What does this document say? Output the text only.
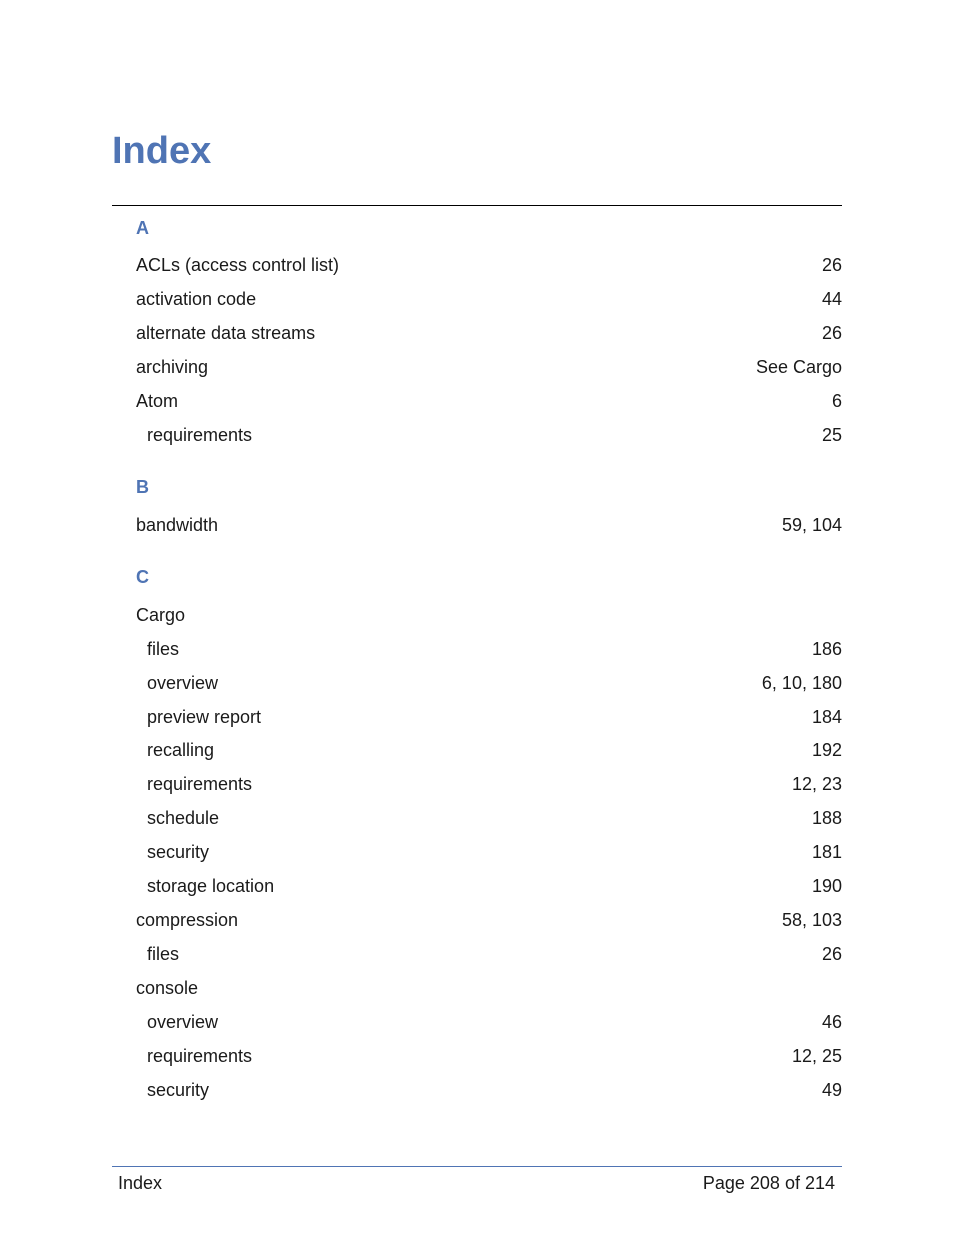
Index
A
ACLs (access control list)	26
activation code	44
alternate data streams	26
archiving	See Cargo
Atom	6
requirements	25
B
bandwidth	59, 104
C
Cargo
files	186
overview	6, 10, 180
preview report	184
recalling	192
requirements	12, 23
schedule	188
security	181
storage location	190
compression	58, 103
files	26
console
overview	46
requirements	12, 25
security	49
Index	Page 208 of 214
